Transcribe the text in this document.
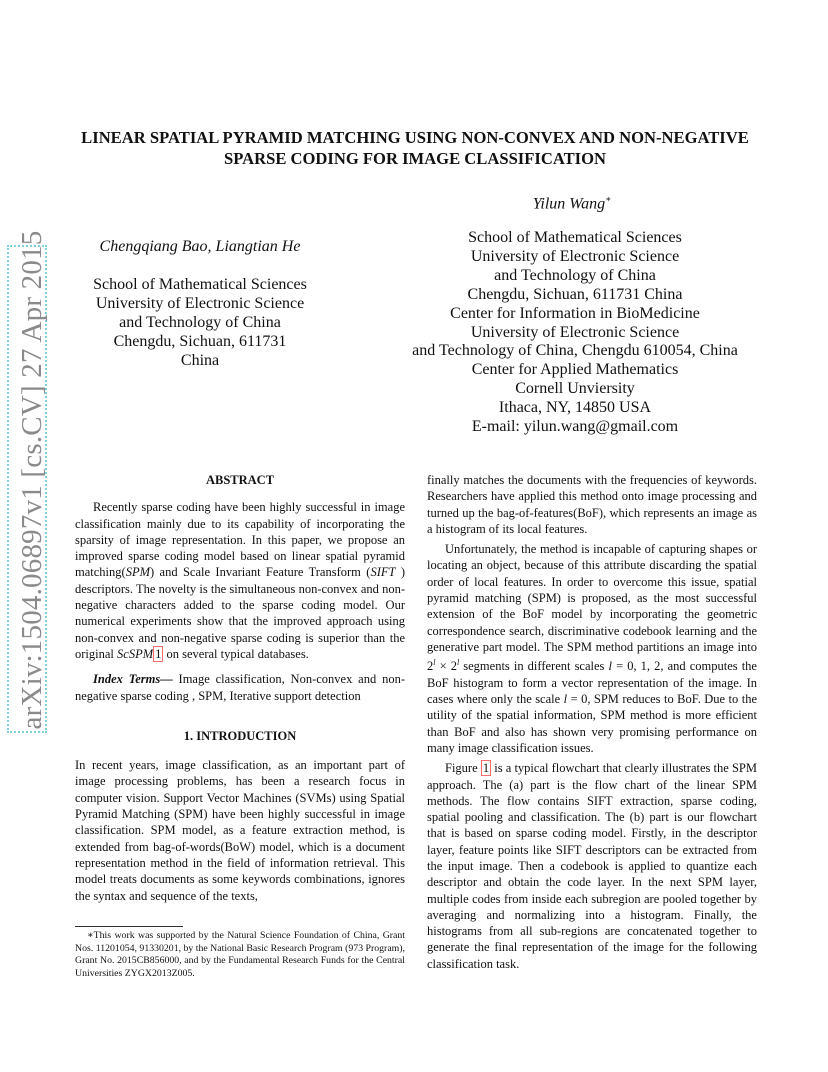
arXiv:1504.06897v1 [cs.CV] 27 Apr 2015
LINEAR SPATIAL PYRAMID MATCHING USING NON-CONVEX AND NON-NEGATIVE
SPARSE CODING FOR IMAGE CLASSIFICATION
Yilun Wang∗
Chengqiang Bao, Liangtian He
School of Mathematical Sciences
University of Electronic Science
and Technology of China
Chengdu, Sichuan, 611731
China
School of Mathematical Sciences
University of Electronic Science
and Technology of China
Chengdu, Sichuan, 611731 China
Center for Information in BioMedicine
University of Electronic Science
and Technology of China, Chengdu 610054, China
Center for Applied Mathematics
Cornell Unviersity
Ithaca, NY, 14850 USA
E-mail: yilun.wang@gmail.com
ABSTRACT

Recently sparse coding have been highly successful in image classification mainly due to its capability of incorporating the sparsity of image representation. In this paper, we propose an improved sparse coding model based on linear spatial pyramid matching(SPM) and Scale Invariant Feature Transform (SIFT ) descriptors. The novelty is the simultaneous non-convex and non-negative characters added to the sparse coding model. Our numerical experiments show that the improved approach using non-convex and non-negative sparse coding is superior than the original ScSPM 1 on several typical databases.

Index Terms— Image classification, Non-convex and non-negative sparse coding , SPM, Iterative support detection

1. INTRODUCTION

In recent years, image classification, as an important part of image processing problems, has been a research focus in computer vision. Support Vector Machines (SVMs) using Spatial Pyramid Matching (SPM) have been highly successful in image classification. SPM model, as a feature extraction method, is extended from bag-of-words(BoW) model, which is a document representation method in the field of information retrieval. This model treats documents as some keywords combinations, ignores the syntax and sequence of the texts,

∗This work was supported by the Natural Science Foundation of China, Grant Nos. 11201054, 91330201, by the National Basic Research Program (973 Program), Grant No. 2015CB856000, and by the Fundamental Research Funds for the Central Universities ZYGX2013Z005.

finally matches the documents with the frequencies of keywords. Researchers have applied this method onto image processing and turned up the bag-of-features(BoF), which represents an image as a histogram of its local features.

Unfortunately, the method is incapable of capturing shapes or locating an object, because of this attribute discarding the spatial order of local features. In order to overcome this issue, spatial pyramid matching (SPM) is proposed, as the most successful extension of the BoF model by incorporating the geometric correspondence search, discriminative codebook learning and the generative part model. The SPM method partitions an image into $2^l \times 2^l$ segments in different scales l = 0, 1, 2, and computes the BoF histogram to form a vector representation of the image. In cases where only the scale l = 0, SPM reduces to BoF. Due to the utility of the spatial information, SPM method is more efficient than BoF and also has shown very promising performance on many image classification issues.

Figure 1 is a typical flowchart that clearly illustrates the SPM approach. The (a) part is the flow chart of the linear SPM methods. The flow contains SIFT extraction, sparse coding, spatial pooling and classification. The (b) part is our flowchart that is based on sparse coding model. Firstly, in the descriptor layer, feature points like SIFT descriptors can be extracted from the input image. Then a codebook is applied to quantize each descriptor and obtain the code layer. In the next SPM layer, multiple codes from inside each subregion are pooled together by averaging and normalizing into a histogram. Finally, the histograms from all sub-regions are concatenated together to generate the final representation of the image for the following classification task.
